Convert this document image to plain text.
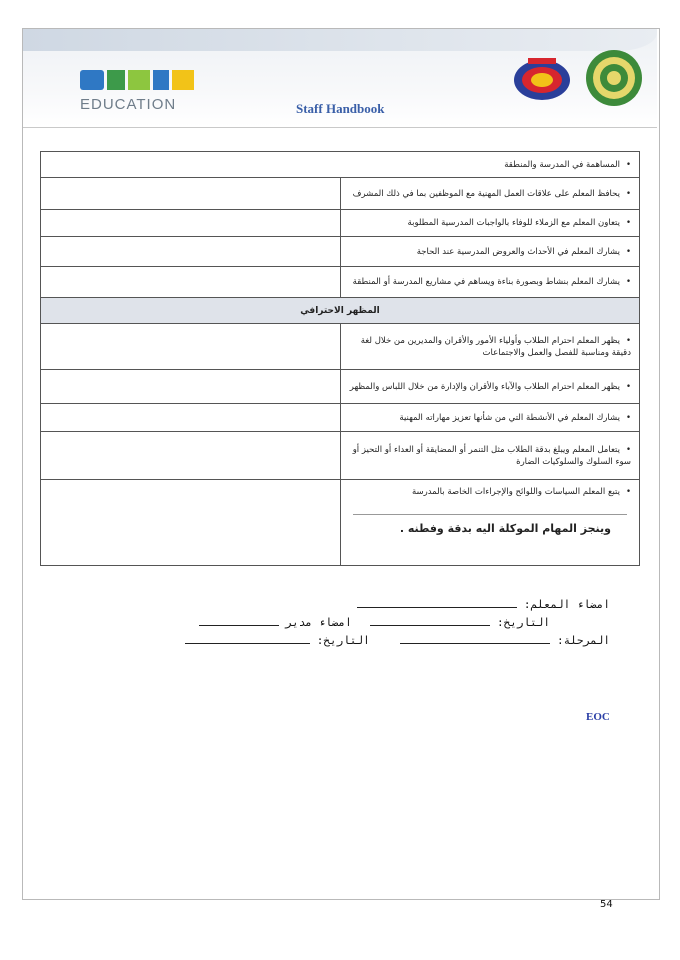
EDUCATION	Staff Handbook
• المساهمة في المدرسة والمنطقة
• يحافظ المعلم على علاقات العمل المهنية مع الموظفين بما في ذلك المشرف	
• يتعاون المعلم مع الزملاء للوفاء بالواجبات المدرسية المطلوبة	
• يشارك المعلم في الأحداث والعروض المدرسية عند الحاجة	
• يشارك المعلم بنشاط وبصورة بناءة ويساهم في مشاريع المدرسة أو المنطقة	
المظهر الاحترافي	
• يظهر المعلم احترام الطلاب وأولياء الأمور والأقران والمديرين من خلال لغة دقيقة ومناسبة للفصل والعمل والاجتماعات	
• يظهر المعلم احترام الطلاب والآباء والأقران والإدارة من خلال اللباس والمظهر	
• يشارك المعلم في الأنشطة التي من شأنها تعزيز مهاراته المهنية	
• يتعامل المعلم ويبلغ بدقة الطلاب مثل التنمر أو المضايقة أو العداء أو التحيز أو سوء السلوك والسلوكيات الضارة	

• يتبع المعلم السياسات واللوائح والإجراءات الخاصة بالمدرسة
وينجز المهام الموكلة اليه بدقة وفطنه .

امضاء المعلم:
التاريخ:  امضاء مدير
المرحلة:  التاريخ:
EOC
54
